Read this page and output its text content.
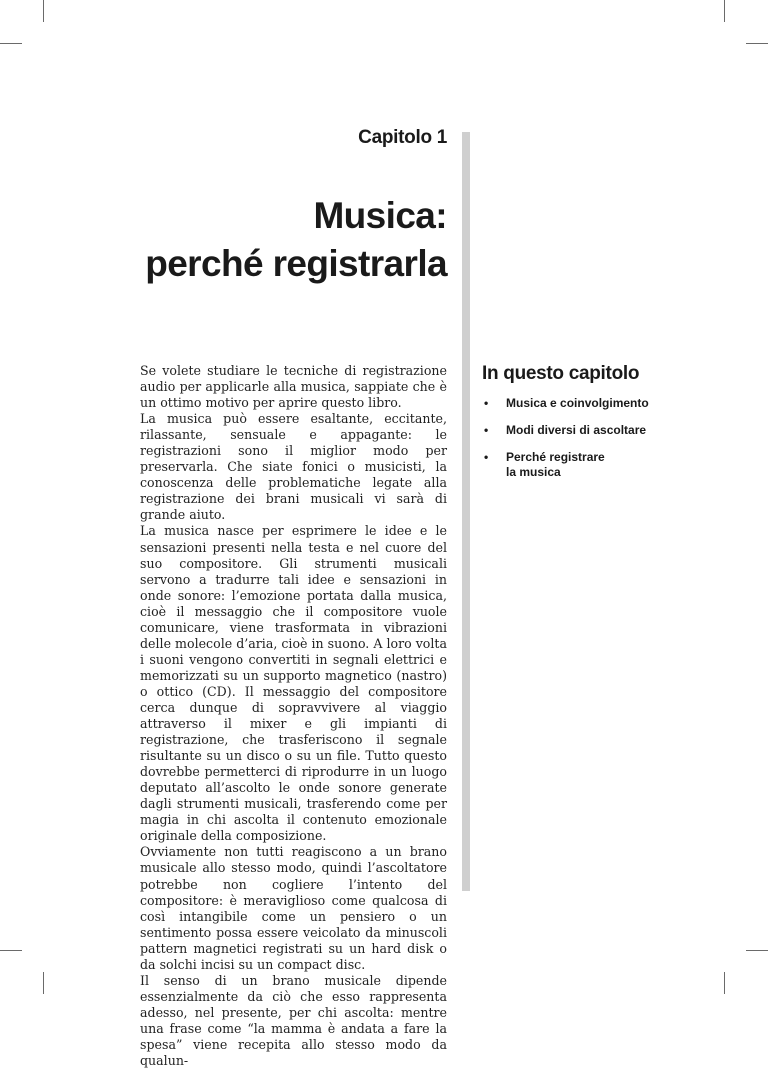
Capitolo 1
Musica:
perché registrarla

Se volete studiare le tecniche di registrazione audio per applicarle alla musica, sappiate che è un ottimo motivo per aprire questo libro.

La musica può essere esaltante, eccitante, rilassante, sensuale e appagante: le registrazioni sono il miglior modo per preservarla. Che siate fonici o musicisti, la conoscenza delle problematiche legate alla registrazione dei brani musicali vi sarà di grande aiuto.

La musica nasce per esprimere le idee e le sensazioni presenti nella testa e nel cuore del suo compositore. Gli strumenti musicali servono a tradurre tali idee e sensazioni in onde sonore: l’emozione portata dalla musica, cioè il messaggio che il compositore vuole comunicare, viene trasformata in vibrazioni delle molecole d’aria, cioè in suono. A loro volta i suoni vengono convertiti in segnali elettrici e memorizzati su un supporto magnetico (nastro) o ottico (CD). Il messaggio del compositore cerca dunque di sopravvivere al viaggio attraverso il mixer e gli impianti di registrazione, che trasferiscono il segnale risultante su un disco o su un file. Tutto questo dovrebbe permetterci di riprodurre in un luogo deputato all’ascolto le onde sonore generate dagli strumenti musicali, trasferendo come per magia in chi ascolta il contenuto emozionale originale della composizione.

Ovviamente non tutti reagiscono a un brano musicale allo stesso modo, quindi l’ascoltatore potrebbe non cogliere l’intento del compositore: è meraviglioso come qualcosa di così intangibile come un pensiero o un sentimento possa essere veicolato da minuscoli pattern magnetici registrati su un hard disk o da solchi incisi su un compact disc.

Il senso di un brano musicale dipende essenzialmente da ciò che esso rappresenta adesso, nel presente, per chi ascolta: mentre una frase come “la mamma è andata a fare la spesa” viene recepita allo stesso modo da qualun-

In questo capitolo
• Musica e coinvolgimento
• Modi diversi di ascoltare
• Perché registrare
la musica
